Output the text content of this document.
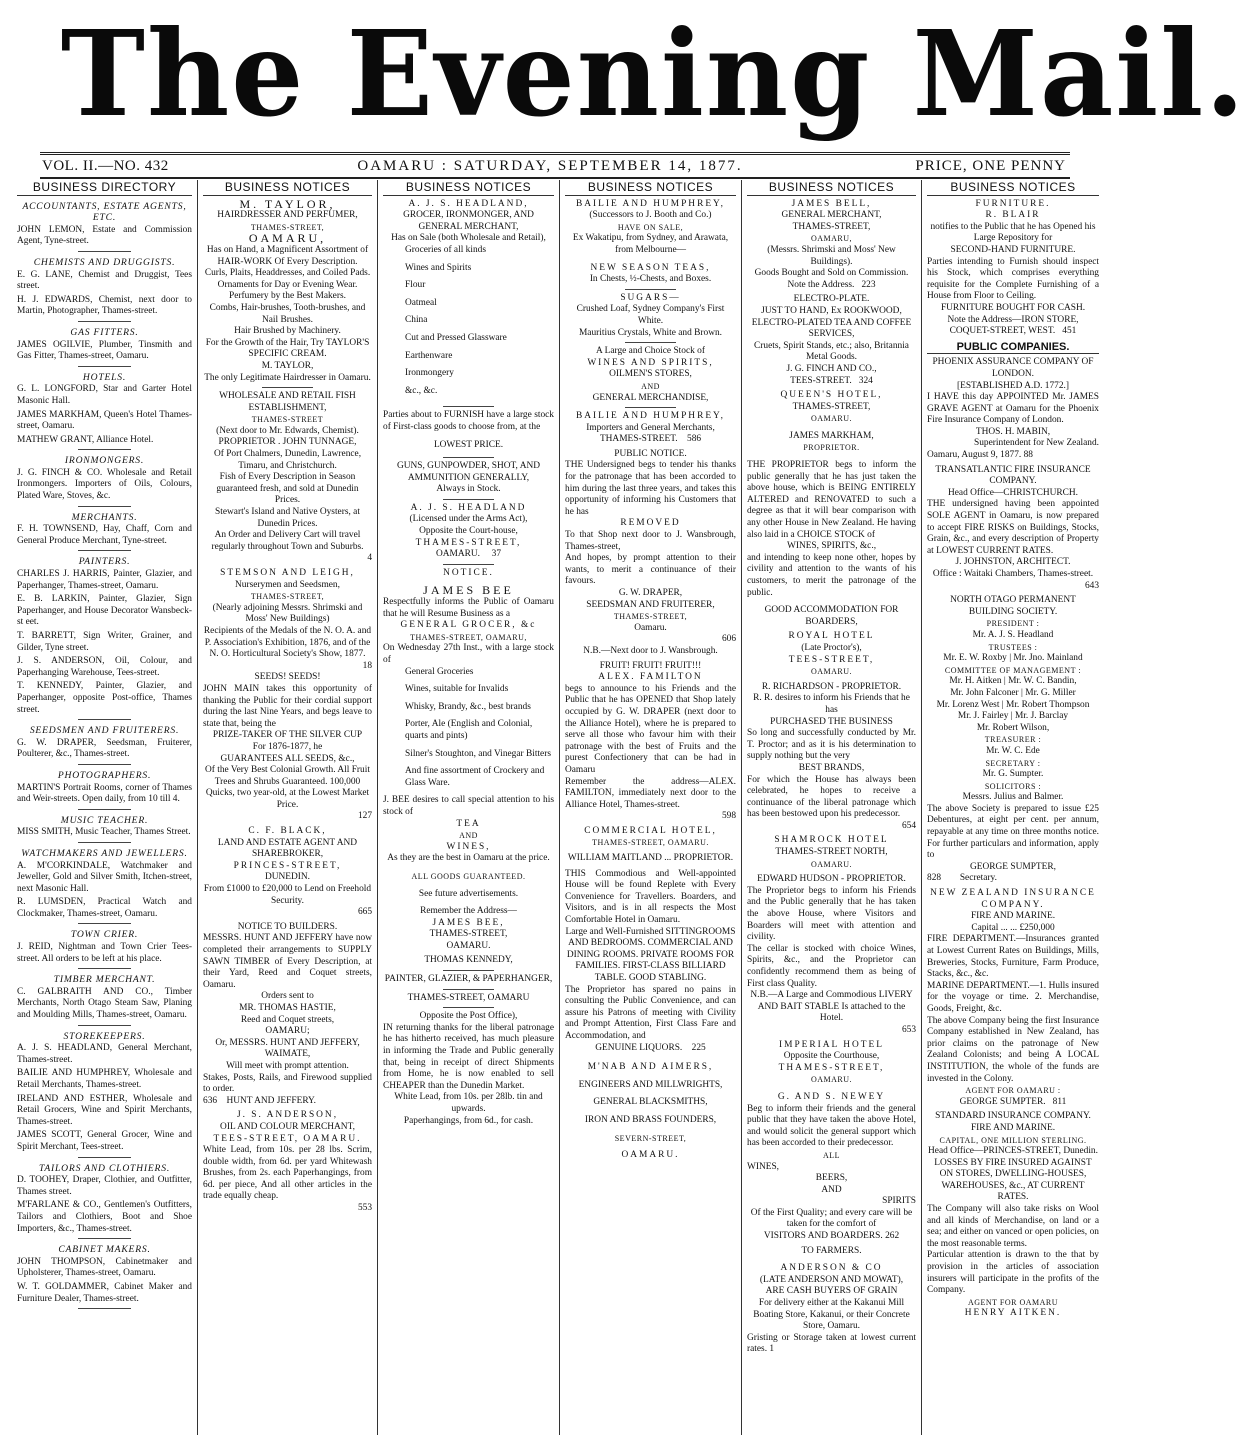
The Evening Mail.
VOL. II.—NO. 432	OAMARU : SATURDAY, SEPTEMBER 14, 1877.	PRICE, ONE PENNY
BUSINESS DIRECTORY
ACCOUNTANTS, ESTATE AGENTS, ETC.
JOHN LEMON, Estate and Commission Agent, Tyne-street.
CHEMISTS AND DRUGGISTS.
E. G. LANE, Chemist and Druggist, Tees street.
H. J. EDWARDS, Chemist, next door to Martin, Photographer, Thames-street.
GAS FITTERS.
JAMES OGILVIE, Plumber, Tinsmith and Gas Fitter, Thames-street, Oamaru.
HOTELS.
G. L. LONGFORD, Star and Garter Hotel Masonic Hall.
JAMES MARKHAM, Queen's Hotel Thames-street, Oamaru.
MATHEW GRANT, Alliance Hotel.
IRONMONGERS.
J. G. FINCH & CO. Wholesale and Retail Ironmongers. Importers of Oils, Colours, Plated Ware, Stoves, &c.
MERCHANTS.
F. H. TOWNSEND, Hay, Chaff, Corn and General Produce Merchant, Tyne-street.
PAINTERS.
CHARLES J. HARRIS, Painter, Glazier, and Paperhanger, Thames-street, Oamaru.
E. B. LARKIN, Painter, Glazier, Sign Paperhanger, and House Decorator Wansbeck-st eet.
T. BARRETT, Sign Writer, Grainer, and Gilder, Tyne street.
J. S. ANDERSON, Oil, Colour, and Paperhanging Warehouse, Tees-street.
T. KENNEDY, Painter, Glazier, and Paperhanger, opposite Post-office, Thames street.
SEEDSMEN AND FRUITERERS.
G. W. DRAPER, Seedsman, Fruiterer, Poulterer, &c., Thames-street.
PHOTOGRAPHERS.
MARTIN'S Portrait Rooms, corner of Thames and Weir-streets. Open daily, from 10 till 4.
MUSIC TEACHER.
MISS SMITH, Music Teacher, Thames Street.
WATCHMAKERS AND JEWELLERS.
A. M'CORKINDALE, Watchmaker and Jeweller, Gold and Silver Smith, Itchen-street, next Masonic Hall.
R. LUMSDEN, Practical Watch and Clockmaker, Thames-street, Oamaru.
TOWN CRIER.
J. REID, Nightman and Town Crier Tees-street. All orders to be left at his place.
TIMBER MERCHANT.
C. GALBRAITH AND CO., Timber Merchants, North Otago Steam Saw, Planing and Moulding Mills, Thames-street, Oamaru.
STOREKEEPERS.
A. J. S. HEADLAND, General Merchant, Thames-street.
BAILIE AND HUMPHREY, Wholesale and Retail Merchants, Thames-street.
IRELAND AND ESTHER, Wholesale and Retail Grocers, Wine and Spirit Merchants, Thames-street.
JAMES SCOTT, General Grocer, Wine and Spirit Merchant, Tees-street.
TAILORS AND CLOTHIERS.
D. TOOHEY, Draper, Clothier, and Outfitter, Thames street.
M'FARLANE & CO., Gentlemen's Outfitters, Tailors and Clothiers, Boot and Shoe Importers, &c., Thames-street.
CABINET MAKERS.
JOHN THOMPSON, Cabinetmaker and Upholsterer, Thames-street, Oamaru.
W. T. GOLDAMMER, Cabinet Maker and Furniture Dealer, Thames-street.
BUSINESS NOTICES
M. TAYLOR,
HAIRDRESSER AND PERFUMER,
THAMES-STREET,
OAMARU,
Has on Hand, a Magnificent Assortment of HAIR-WORK Of Every Description.
Curls, Plaits, Headdresses, and Coiled Pads.
Ornaments for Day or Evening Wear.
Perfumery by the Best Makers.
Combs, Hair-brushes, Tooth-brushes, and Nail Brushes.
Hair Brushed by Machinery.
For the Growth of the Hair, Try TAYLOR'S SPECIFIC CREAM.
M. TAYLOR,
The only Legitimate Hairdresser in Oamaru.
WHOLESALE AND RETAIL FISH ESTABLISHMENT,
THAMES-STREET
(Next door to Mr. Edwards, Chemist).
PROPRIETOR . JOHN TUNNAGE,
Of Port Chalmers, Dunedin, Lawrence, Timaru, and Christchurch.
Fish of Every Description in Season guaranteed fresh, and sold at Dunedin Prices.
Stewart's Island and Native Oysters, at Dunedin Prices.
An Order and Delivery Cart will travel regularly throughout Town and Suburbs.
4
STEMSON AND LEIGH,
Nurserymen and Seedsmen,
THAMES-STREET,
(Nearly adjoining Messrs. Shrimski and Moss' New Buildings)
Recipients of the Medals of the N. O. A. and P. Association's Exhibition, 1876, and of the N. O. Horticultural Society's Show, 1877.
18
SEEDS! SEEDS!
JOHN MAIN takes this opportunity of thanking the Public for their cordial support during the last Nine Years, and begs leave to state that, being the
PRIZE-TAKER OF THE SILVER CUP
For 1876-1877, he
GUARANTEES ALL SEEDS, &c.,
Of the Very Best Colonial Growth. All Fruit Trees and Shrubs Guaranteed. 100,000 Quicks, two year-old, at the Lowest Market Price.
127
C. F. BLACK,
LAND AND ESTATE AGENT AND SHAREBROKER,
PRINCES-STREET,
DUNEDIN.
From £1000 to £20,000 to Lend on Freehold Security.
665
NOTICE TO BUILDERS.
MESSRS. HUNT AND JEFFERY have now completed their arrangements to SUPPLY SAWN TIMBER of Every Description, at their Yard, Reed and Coquet streets, Oamaru.
Orders sent to
MR. THOMAS HASTIE,
Reed and Coquet streets,
OAMARU;
Or, MESSRS. HUNT AND JEFFERY,
WAIMATE,
Will meet with prompt attention.
Stakes, Posts, Rails, and Firewood supplied to order.
636 HUNT AND JEFFERY.
J. S. ANDERSON,
OIL AND COLOUR MERCHANT,
TEES-STREET, OAMARU.
White Lead, from 10s. per 28 lbs. Scrim, double width, from 6d. per yard Whitewash Brushes, from 2s. each Paperhangings, from 6d. per piece, And all other articles in the trade equally cheap.
553
BUSINESS NOTICES
A. J. S. HEADLAND,
GROCER, IRONMONGER, AND
GENERAL MERCHANT,
Has on Sale (both Wholesale and Retail),
Groceries of all kinds
Wines and Spirits
Flour
Oatmeal
China
Cut and Pressed Glassware
Earthenware
Ironmongery
&c., &c.
Parties about to FURNISH have a large stock of First-class goods to choose from, at the
LOWEST PRICE.
GUNS, GUNPOWDER, SHOT, AND AMMUNITION GENERALLY,
Always in Stock.
A. J. S. HEADLAND
(Licensed under the Arms Act),
Opposite the Court-house,
THAMES-STREET,
OAMARU. 37
NOTICE.
JAMES BEE
Respectfully informs the Public of Oamaru that he will Resume Business as a
GENERAL GROCER, &c
THAMES-STREET, OAMARU,
On Wednesday 27th Inst., with a large stock of
General Groceries
Wines, suitable for Invalids
Whisky, Brandy, &c., best brands
Porter, Ale (English and Colonial, quarts and pints)
Silner's Stoughton, and Vinegar Bitters
And fine assortment of Crockery and Glass Ware.
J. BEE desires to call special attention to his stock of
TEA
AND
WINES,
As they are the best in Oamaru at the price.
ALL GOODS GUARANTEED.
See future advertisements.
Remember the Address—
JAMES BEE,
THAMES-STREET,
OAMARU.
THOMAS KENNEDY,
PAINTER, GLAZIER, & PAPERHANGER,
THAMES-STREET, OAMARU
Opposite the Post Office),
IN returning thanks for the liberal patronage he has hitherto received, has much pleasure in informing the Trade and Public generally that, being in receipt of direct Shipments from Home, he is now enabled to sell CHEAPER than the Dunedin Market.
White Lead, from 10s. per 28lb. tin and upwards.
Paperhangings, from 6d., for cash.
BUSINESS NOTICES
BAILIE AND HUMPHREY,
(Successors to J. Booth and Co.)
HAVE ON SALE,
Ex Wakatipu, from Sydney, and Arawata, from Melbourne—
NEW SEASON TEAS,
In Chests, ½-Chests, and Boxes.
SUGARS—
Crushed Loaf, Sydney Company's First White.
Mauritius Crystals, White and Brown.
A Large and Choice Stock of
WINES AND SPIRITS,
OILMEN'S STORES,
AND
GENERAL MERCHANDISE,
BAILIE AND HUMPHREY,
Importers and General Merchants,
THAMES-STREET. 586
PUBLIC NOTICE.
THE Undersigned begs to tender his thanks for the patronage that has been accorded to him during the last three years, and takes this opportunity of informing his Customers that he has
REMOVED
To that Shop next door to J. Wansbrough, Thames-street,
And hopes, by prompt attention to their wants, to merit a continuance of their favours.
G. W. DRAPER,
SEEDSMAN AND FRUITERER,
THAMES-STREET,
Oamaru.
606
N.B.—Next door to J. Wansbrough.
FRUIT! FRUIT! FRUIT!!!
ALEX. FAMILTON
begs to announce to his Friends and the Public that he has OPENED that Shop lately occupied by G. W. DRAPER (next door to the Alliance Hotel), where he is prepared to serve all those who favour him with their patronage with the best of Fruits and the purest Confectionery that can be had in Oamaru
Remember the address—ALEX. FAMILTON, immediately next door to the Alliance Hotel, Thames-street.
598
COMMERCIAL HOTEL,
THAMES-STREET, OAMARU.
WILLIAM MAITLAND ... PROPRIETOR.
THIS Commodious and Well-appointed House will be found Replete with Every Convenience for Travellers. Boarders, and Visitors, and is in all respects the Most Comfortable Hotel in Oamaru.
Large and Well-Furnished SITTINGROOMS AND BEDROOMS. COMMERCIAL AND DINING ROOMS. PRIVATE ROOMS FOR FAMILIES. FIRST-CLASS BILLIARD TABLE. GOOD STABLING.
The Proprietor has spared no pains in consulting the Public Convenience, and can assure his Patrons of meeting with Civility and Prompt Attention, First Class Fare and Accommodation, and
GENUINE LIQUORS. 225
M'NAB AND AIMERS,
ENGINEERS AND MILLWRIGHTS,
GENERAL BLACKSMITHS,
IRON AND BRASS FOUNDERS,
SEVERN-STREET,
OAMARU.
BUSINESS NOTICES
JAMES BELL,
GENERAL MERCHANT,
THAMES-STREET,
OAMARU,
(Messrs. Shrimski and Moss' New Buildings).
Goods Bought and Sold on Commission.
Note the Address. 223
ELECTRO-PLATE.
JUST TO HAND, Ex ROOKWOOD, ELECTRO-PLATED TEA AND COFFEE SERVICES,
Cruets, Spirit Stands, etc.; also, Britannia Metal Goods.
J. G. FINCH AND CO.,
TEES-STREET. 324
QUEEN'S HOTEL,
THAMES-STREET,
OAMARU.
JAMES MARKHAM,
PROPRIETOR.
THE PROPRIETOR begs to inform the public generally that he has just taken the above house, which is BEING ENTIRELY ALTERED and RENOVATED to such a degree as that it will bear comparison with any other House in New Zealand. He having also laid in a CHOICE STOCK of
WINES, SPIRITS, &c.,
and intending to keep none other, hopes by civility and attention to the wants of his customers, to merit the patronage of the public.
GOOD ACCOMMODATION FOR BOARDERS,
ROYAL HOTEL
(Late Proctor's),
TEES-STREET,
OAMARU.
R. RICHARDSON - PROPRIETOR.
R. R. desires to inform his Friends that he has
PURCHASED THE BUSINESS
So long and successfully conducted by Mr. T. Proctor; and as it is his determination to supply nothing but the very
BEST BRANDS,
For which the House has always been celebrated, he hopes to receive a continuance of the liberal patronage which has been bestowed upon his predecessor.
654
SHAMROCK HOTEL
THAMES-STREET NORTH,
OAMARU.
EDWARD HUDSON - PROPRIETOR.
The Proprietor begs to inform his Friends and the Public generally that he has taken the above House, where Visitors and Boarders will meet with attention and civility.
The cellar is stocked with choice Wines, Spirits, &c., and the Proprietor can confidently recommend them as being of First class Quality.
N.B.—A Large and Commodious LIVERY AND BAIT STABLE Is attached to the Hotel.
653
IMPERIAL HOTEL
Opposite the Courthouse,
THAMES-STREET,
OAMARU.
G. AND S. NEWEY
Beg to inform their friends and the general public that they have taken the above Hotel, and would solicit the general support which has been accorded to their predecessor.
ALL
WINES,
BEERS,
AND
SPIRITS
Of the First Quality; and every care will be taken for the comfort of
VISITORS AND BOARDERS. 262
TO FARMERS.
ANDERSON & CO
(LATE ANDERSON AND MOWAT),
ARE CASH BUYERS OF GRAIN
For delivery either at the Kakanui Mill Boating Store, Kakanui, or their Concrete Store, Oamaru.
Gristing or Storage taken at lowest current rates. 1
BUSINESS NOTICES
FURNITURE.
R. BLAIR
notifies to the Public that he has Opened his Large Repository for
SECOND-HAND FURNITURE.
Parties intending to Furnish should inspect his Stock, which comprises everything requisite for the Complete Furnishing of a House from Floor to Ceiling.
FURNITURE BOUGHT FOR CASH.
Note the Address—IRON STORE,
COQUET-STREET, WEST. 451
PUBLIC COMPANIES.
PHOENIX ASSURANCE COMPANY OF LONDON.
[ESTABLISHED A.D. 1772.]
I HAVE this day APPOINTED Mr. JAMES GRAVE AGENT at Oamaru for the Phoenix Fire Insurance Company of London.
THOS. H. MABIN,
Superintendent for New Zealand.
Oamaru, August 9, 1877. 88
TRANSATLANTIC FIRE INSURANCE COMPANY.
Head Office—CHRISTCHURCH.
THE undersigned having been appointed SOLE AGENT in Oamaru, is now prepared to accept FIRE RISKS on Buildings, Stocks, Grain, &c., and every description of Property at LOWEST CURRENT RATES.
J. JOHNSTON, ARCHITECT.
Office : Waitaki Chambers, Thames-street.
643
NORTH OTAGO PERMANENT BUILDING SOCIETY.
PRESIDENT :
Mr. A. J. S. Headland
TRUSTEES :
Mr. E. W. Roxby | Mr. Jno. Mainland
COMMITTEE OF MANAGEMENT :
Mr. H. Aitken | Mr. W. C. Bandin,
Mr. John Falconer | Mr. G. Miller
Mr. Lorenz West | Mr. Robert Thompson
Mr. J. Fairley | Mr. J. Barclay
Mr. Robert Wilson,
TREASURER :
Mr. W. C. Ede
SECRETARY :
Mr. G. Sumpter.
SOLICITORS :
Messrs. Julius and Balmer.
The above Society is prepared to issue £25 Debentures, at eight per cent. per annum, repayable at any time on three months notice. For further particulars and information, apply to
GEORGE SUMPTER,
828 Secretary.
NEW ZEALAND INSURANCE COMPANY.
FIRE AND MARINE.
Capital ... ... £250,000
FIRE DEPARTMENT.—Insurances granted at Lowest Current Rates on Buildings, Mills, Breweries, Stocks, Furniture, Farm Produce, Stacks, &c., &c.
MARINE DEPARTMENT.—1. Hulls insured for the voyage or time. 2. Merchandise, Goods, Freight, &c.
The above Company being the first Insurance Company established in New Zealand, has prior claims on the patronage of New Zealand Colonists; and being A LOCAL INSTITUTION, the whole of the funds are invested in the Colony.
AGENT FOR OAMARU :
GEORGE SUMPTER. 811
STANDARD INSURANCE COMPANY.
FIRE AND MARINE.
CAPITAL, ONE MILLION STERLING.
Head Office—PRINCES-STREET, Dunedin.
LOSSES BY FIRE INSURED AGAINST ON STORES, DWELLING-HOUSES, WAREHOUSES, &c., AT CURRENT RATES.
The Company will also take risks on Wool and all kinds of Merchandise, on land or a sea; and either on vanced or open policies, on the most reasonable terms.
Particular attention is drawn to the that by provision in the articles of association insurers will participate in the profits of the Company.
AGENT FOR OAMARU
HENRY AITKEN.
